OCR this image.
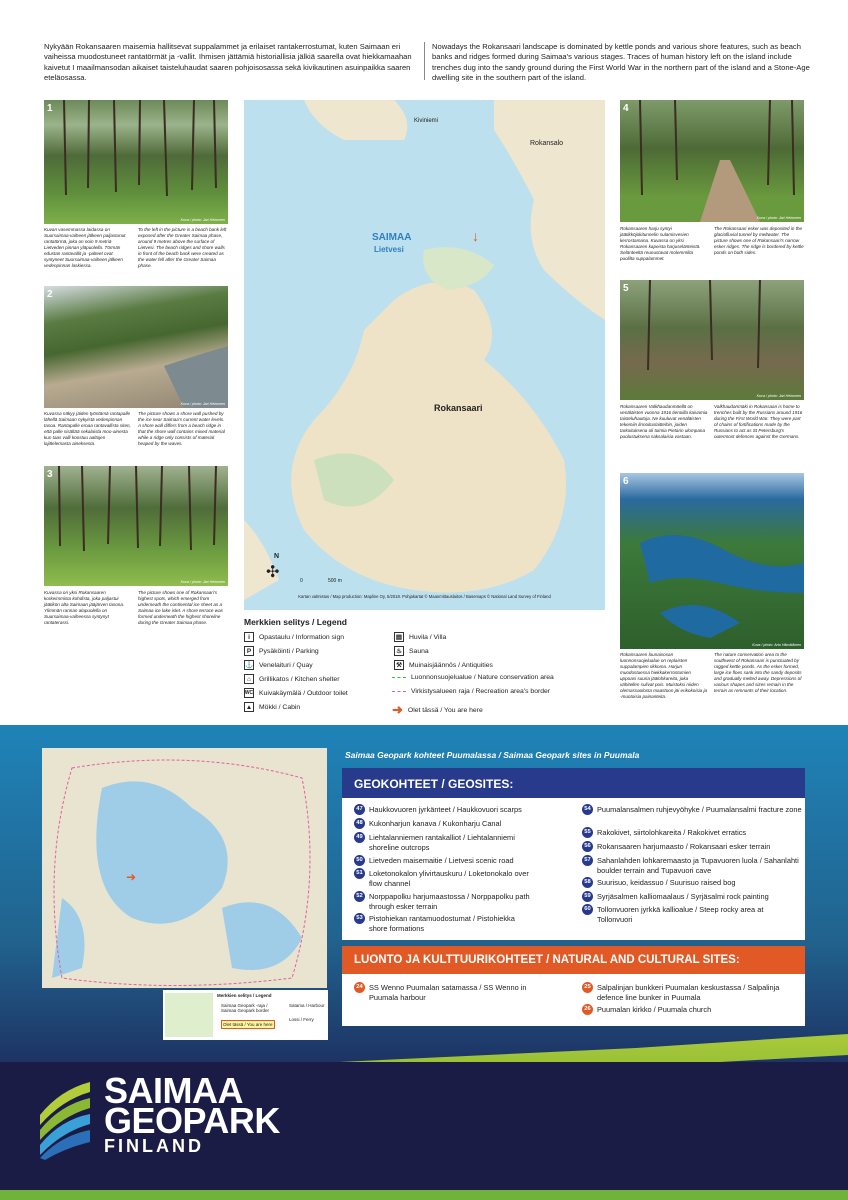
Nykyään Rokansaaren maisemia hallitsevat suppalammet ja erilaiset rantakerrostumat, kuten Saimaan eri vaiheissa muodostuneet rantatörmät ja -vallit. Ihmisen jättämiä historiallisia jälkiä saarella ovat hiekkamaahan kaivetut I maailmansodan aikaiset taisteluhaudat saaren pohjoisosassa sekä kivikautinen asuinpaikka saaren eteläosassa.
Nowadays the Rokansaari landscape is dominated by kettle ponds and various shore features, such as beach banks and ridges formed during Saimaa's various stages. Traces of human history left on the island include trenches dug into the sandy ground during the First World War in the northern part of the island and a Stone-Age dwelling site in the southern part of the island.
1
Kuva / photo: Jari Heinonen
Kuvan vasemmassa laidassa on Suursaimaa-vaiheen jälkeen paljastunut rantatörmä, joka on noin 9 metriä Lietveden pinnan yläpuolella. Törmän edustan rantavallit ja -palteet ovat syntyneet Suursaimaa-vaiheen jälkeen vedenpinnan laskiessa.
To the left in the picture is a beach bank left exposed after the Greater Saimaa phase, around 9 metres above the surface of Lietvesi. The beach ridges and shore walls in front of the beach bank were created as the water fell after the Greater Saimaa phase.
2
Kuva / photo: Jari Heinonen
Kuvassa näkyy jäiden työntämä rantapalle lähellä Saimaan nykyistä vedenpinnan tasoa. Rantapalle eroaa rantavallista siten, että palle sisältää sekalaista moo-ainesta kun taas valli koostuu aaltojen lajittelemasta aineksesta.
The picture shows a shore wall pushed by the ice near Saimaa's current water levels. A shore wall differs from a beach ridge in that the shore wall contains mixed material while a ridge only consists of material heaped by the waves.
3
Kuva / photo: Jari Heinonen
Kuvassa on yksi Rokansaaren korkeimmista kohdista, joka paljastui jäätikön alta Saimaan jääjärven tasona. Ylimmän rannan alapuolella on Suursaimaa-vaiheessa syntynyt rantaterassi.
The picture shows one of Rokansaari's highest spots, which emerged from underneath the continental ice sheet as a Saimaa ice lake islet. A shore terrace was formed underneath the highest shoreline during the Greater Saimaa phase.
4
Kuva / photo: Jari Heinonen
Rokansaaren harju syntyi jäätikköjokitunnelin sulamisvesien kerrostamana. Kuvassa on yksi Rokansaaren kapeista harjuselänteistä. Selänteeltä reunustavat molemmilta puolilta suppalammet.
The Rokansaari esker was deposited in the glaciofluvial tunnel by meltwater. The picture shows one of Rokansaari's narrow esker ridges. The ridge is bordered by kettle ponds on both sides.
5
Kuva / photo: Jari Heinonen
Rokansaaren Valkhaudanmäellä on venäläisten vuonna 1916 tienoilla kaivamia taisteluhautoja. Ne kuuluvat venäläisten tekemiin linnoituslaitteihin, joiden tarkoituksena oli toimia Pietarin ulompana puolustuksena saksalaisia vastaan.
Valkhaudanmäki in Rokansaari is home to trenches built by the Russians around 1916 during the First World War. They were part of chains of fortifications made by the Russians to act as St Petersburg's outermost defences against the Germans.
6
Kuva / photo: Arto Hämäläinen
Rokansaaren lounaisosan luonnonsuojelualue on replaisten suppalampien rikkoma. Harjun muodostuessa hiekkakerrostumien uppoasi suuria jäälohkareita, joka vähitellen sulivat pois. Muistoksi niiden olemassaolosta maastoon jäi erikokoisia ja -muotoisia painanteita.
The nature conservation area to the southwest of Rokansaari is punctuated by ragged kettle ponds. As the esker formed, large ice floes sank into the sandy deposits and gradually melted away. Depressions of various shapes and sizes remain in the terrain as remnants of their location.
Kiviniemi
Rokansalo
SAIMAA
Lietvesi
Rokansaari
↓
N
✣	0	500 m
Kartan valmistus / Map production: Mapline Oy, 5/2018. Pohjakartat © Maanmittauslaitos / Basemaps © National Land Survey of Finland
Merkkien selitys / Legend
i	Opastaulu / Information sign
P	Pysäköinti / Parking
⚓ Venelaituri / Quay
⌂	Grillikatos / Kitchen shelter
WC Kuivakäymälä / Outdoor toilet
▲ Mökki / Cabin
▤ Huvila / Villa
♨	Sauna
⚒	Muinaisjäännös / Antiquities
Luonnonsuojelualue / Nature conservation area
Virkistysalueen raja / Recreation area's border
➜ Olet tässä / You are here
➜
Merkkien selitys / Legend
Saimaa Geopark -raja / Saimaa Geopark border
Satama / Harbour
Olet tässä / You are here
Lossi / Ferry
Saimaa Geopark kohteet Puumalassa / Saimaa Geopark sites in Puumala
GEOKOHTEET / GEOSITES:
47 Haukkovuoren jyrkänteet / Haukkovuori scarps
48 Kukonharjun kanava / Kukonharju Canal
49 Liehtalanniemen rantakalliot / Liehtalanniemi shoreline outcrops
50 Lietveden maisemaitie / Lietvesi scenic road
51 Loketonokalon ylivirtauskuru / Loketonokalo over flow channel
52 Norppapolku harjumaastossa / Norppapolku path through esker terrain
53 Pistohiekan rantamuodostumat / Pistohiekka shore formations
54 Puumalansalmen ruhjevyöhyke / Puumalansalmi fracture zone
55 Rakokivet, siirtolohkareita / Rakokivet erratics
56 Rokansaaren harjumaasto / Rokansaari esker terrain
57 Sahanlahden lohkaremaasto ja Tupavuoren luola / Sahanlahti boulder terrain and Tupavuori cave
58 Suurisuo, keidassuo / Suurisuo raised bog
59 Syrjäsalmen kalliomaalaus / Syrjäsalmi rock painting
60 Tollonvuoren jyrkkä kallioalue / Steep rocky area at Tollonvuori
LUONTO JA KULTTUURIKOHTEET / NATURAL AND CULTURAL SITES:
24 SS Wenno Puumalan satamassa / SS Wenno in Puumala harbour
25 Salpalinjan bunkkeri Puumalan keskustassa / Salpalinja defence line bunker in Puumala
26 Puumalan kirkko / Puumala church
SAIMAA
GEOPARK
FINLAND
